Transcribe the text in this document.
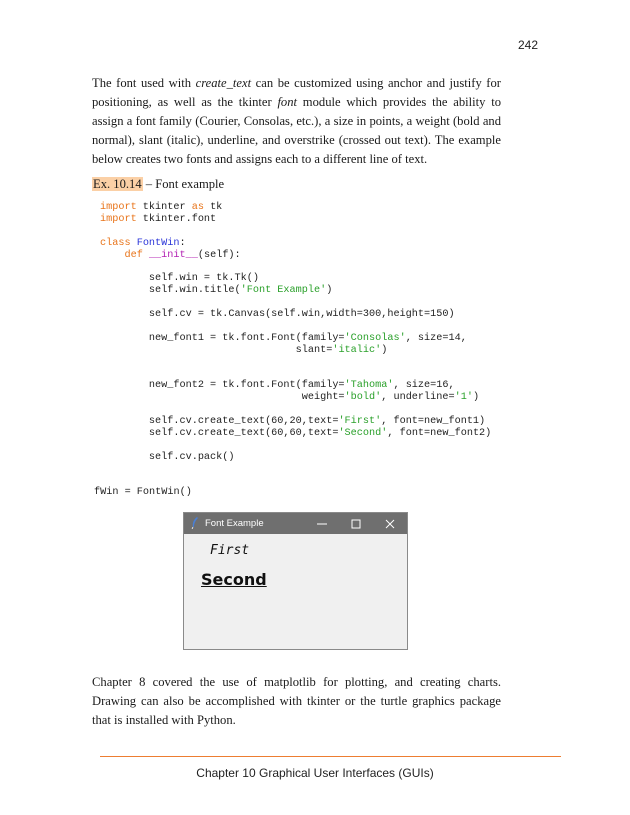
242

The font used with create_text can be customized using anchor and justify for positioning, as well as the tkinter font module which provides the ability to assign a font family (Courier, Consolas, etc.), a size in points, a weight (bold and normal), slant (italic), underline, and overstrike (crossed out text). The example below creates two fonts and assigns each to a different line of text.

Ex. 10.14 – Font example
import tkinter as tk
import tkinter.font
class FontWin:
def __init__(self):
self.win = tk.Tk()
self.win.title('Font Example')
self.cv = tk.Canvas(self.win,width=300,height=150)
new_font1 = tk.font.Font(family='Consolas', size=14,
slant='italic')
new_font2 = tk.font.Font(family='Tahoma', size=16,
weight='bold', underline='1')
self.cv.create_text(60,20,text='First', font=new_font1)
self.cv.create_text(60,60,text='Second', font=new_font2)
self.cv.pack()
fWin = FontWin()
Font Example
First
Second

Chapter 8 covered the use of matplotlib for plotting, and creating charts. Drawing can also be accomplished with tkinter or the turtle graphics package that is installed with Python.

Chapter 10 Graphical User Interfaces (GUIs)
